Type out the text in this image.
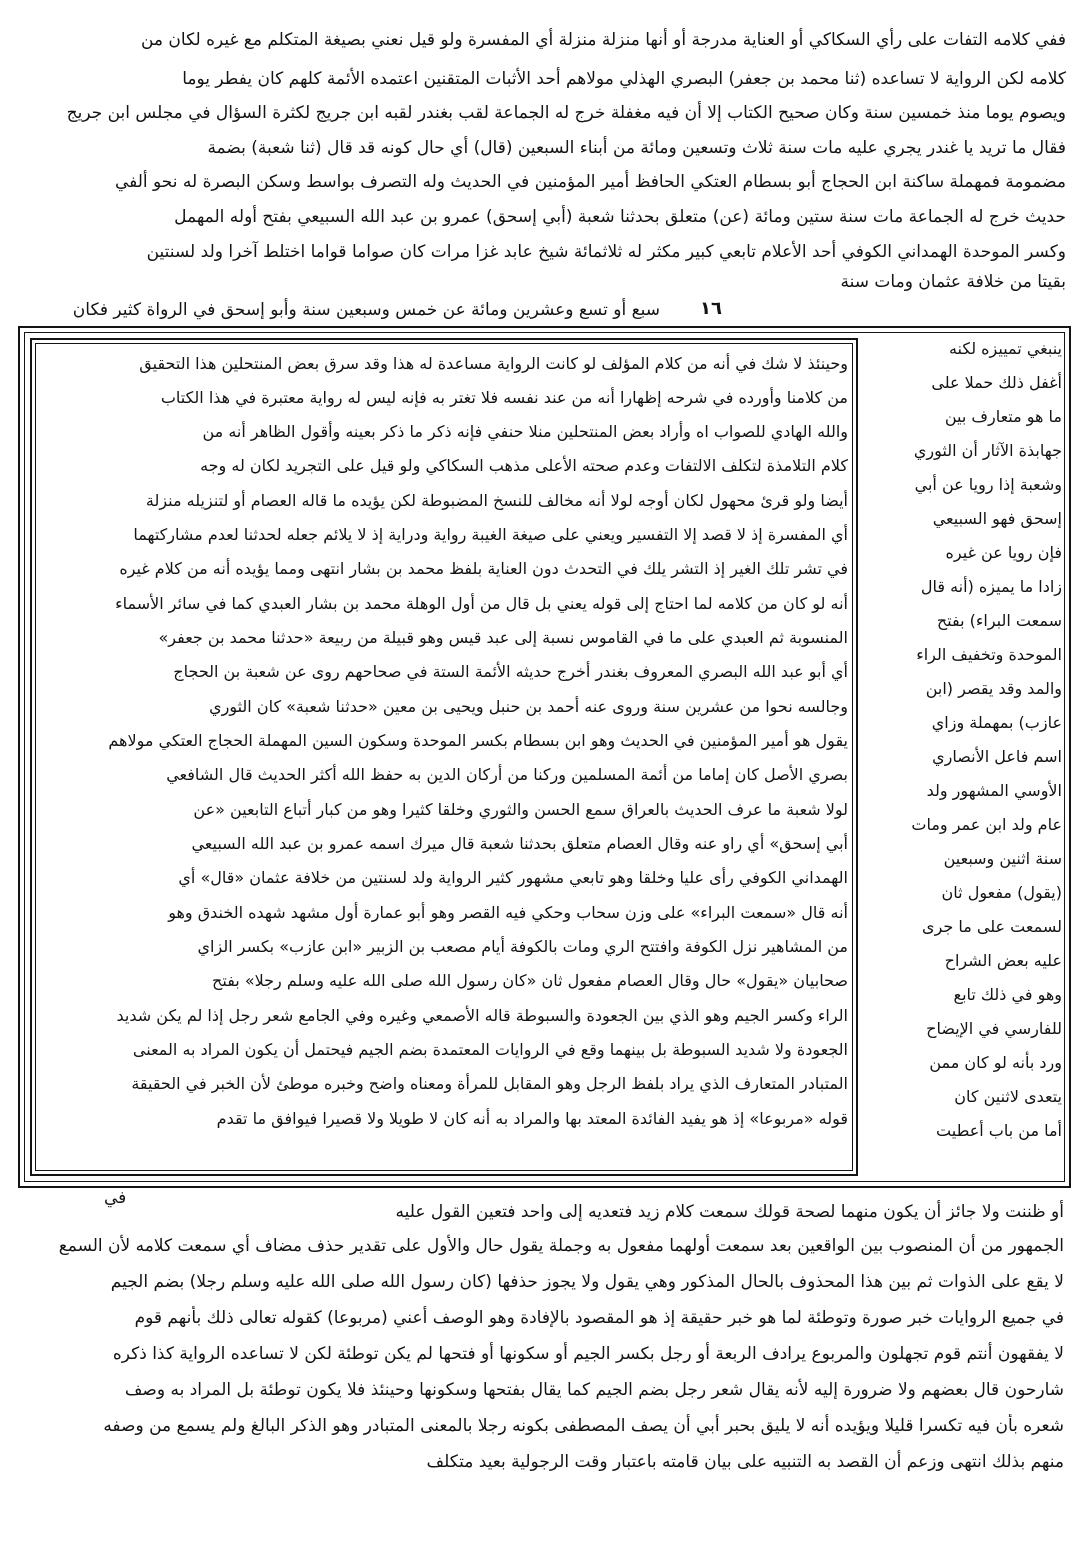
ففي كلامه التفات على رأي السكاكي أو العناية مدرجة أو أنها منزلة منزلة أي المفسرة ولو قيل نعني بصيغة المتكلم مع غيره لكان من
كلامه لكن الرواية لا تساعده (ثنا محمد بن جعفر) البصري الهذلي مولاهم أحد الأثبات المتقنين اعتمده الأئمة كلهم كان يفطر يوما
ويصوم يوما منذ خمسين سنة وكان صحيح الكتاب إلا أن فيه مغفلة خرج له الجماعة لقب بغندر لقبه ابن جريج لكثرة السؤال في مجلس ابن جريج
فقال ما تريد يا غندر يجري عليه مات سنة ثلاث وتسعين ومائة من أبناء السبعين (قال) أي حال كونه قد قال (ثنا شعبة) بضمة
مضمومة فمهملة ساكنة ابن الحجاج أبو بسطام العتكي الحافظ أمير المؤمنين في الحديث وله التصرف بواسط وسكن البصرة له نحو ألفي
حديث خرج له الجماعة مات سنة ستين ومائة (عن) متعلق بحدثنا شعبة (أبي إسحق) عمرو بن عبد الله السبيعي بفتح أوله المهمل
وكسر الموحدة الهمداني الكوفي أحد الأعلام تابعي كبير مكثر له ثلاثمائة شيخ عابد غزا مرات كان صواما قواما اختلط آخرا ولد لسنتين
بقيتا من خلافة عثمان ومات سنة
سبع أو تسع وعشرين ومائة عن خمس وسبعين سنة وأبو إسحق في الرواة كثير فكان ١٦
وحينئذ لا شك في أنه من كلام المؤلف لو كانت الرواية مساعدة له هذا وقد سرق بعض المنتحلين هذا التحقيق
من كلامنا وأورده في شرحه إظهارا أنه من عند نفسه فلا تغتر به فإنه ليس له رواية معتبرة في هذا الكتاب
والله الهادي للصواب اه وأراد بعض المنتحلين منلا حنفي فإنه ذكر ما ذكر بعينه وأقول الظاهر أنه من
كلام التلامذة لتكلف الالتفات وعدم صحته الأعلى مذهب السكاكي ولو قيل على التجريد لكان له وجه
أيضا ولو قرئ محهول لكان أوجه لولا أنه مخالف للنسخ المضبوطة لكن يؤيده ما قاله العصام أو لتنزيله منزلة
أي المفسرة إذ لا قصد إلا التفسير ويعني على صيغة الغيبة رواية ودراية إذ لا يلائم جعله لحدثنا لعدم مشاركتهما
في تشر تلك الغير إذ التشر يلك في التحدث دون العناية بلفظ محمد بن بشار انتهى ومما يؤيده أنه من كلام غيره
أنه لو كان من كلامه لما احتاج إلى قوله يعني بل قال من أول الوهلة محمد بن بشار العبدي كما في سائر الأسماء
المنسوبة ثم العبدي على ما في القاموس نسبة إلى عبد قيس وهو قبيلة من ربيعة «حدثنا محمد بن جعفر»
أي أبو عبد الله البصري المعروف بغندر أخرج حديثه الأئمة الستة في صحاحهم روى عن شعبة بن الحجاج
وجالسه نحوا من عشرين سنة وروى عنه أحمد بن حنبل ويحيى بن معين «حدثنا شعبة» كان الثوري
يقول هو أمير المؤمنين في الحديث وهو ابن بسطام بكسر الموحدة وسكون السين المهملة الحجاج العتكي مولاهم
بصري الأصل كان إماما من أئمة المسلمين وركنا من أركان الدين به حفظ الله أكثر الحديث قال الشافعي
لولا شعبة ما عرف الحديث بالعراق سمع الحسن والثوري وخلقا كثيرا وهو من كبار أتباع التابعين «عن
أبي إسحق» أي راو عنه وقال العصام متعلق بحدثنا شعبة قال ميرك اسمه عمرو بن عبد الله السبيعي
الهمداني الكوفي رأى عليا وخلقا وهو تابعي مشهور كثير الرواية ولد لسنتين من خلافة عثمان «قال» أي
أنه قال «سمعت البراء» على وزن سحاب وحكي فيه القصر وهو أبو عمارة أول مشهد شهده الخندق وهو
من المشاهير نزل الكوفة وافتتح الري ومات بالكوفة أيام مصعب بن الزبير «ابن عازب» بكسر الزاي
صحابيان «يقول» حال وقال العصام مفعول ثان «كان رسول الله صلى الله عليه وسلم رجلا» بفتح
الراء وكسر الجيم وهو الذي بين الجعودة والسبوطة قاله الأصمعي وغيره وفي الجامع شعر رجل إذا لم يكن شديد
الجعودة ولا شديد السبوطة بل بينهما وقع في الروايات المعتمدة بضم الجيم فيحتمل أن يكون المراد به المعنى
المتبادر المتعارف الذي يراد بلفظ الرجل وهو المقابل للمرأة ومعناه واضح وخبره موطئ لأن الخبر في الحقيقة
قوله «مربوعا» إذ هو يفيد الفائدة المعتد بها والمراد به أنه كان لا طويلا ولا قصيرا فيوافق ما تقدم
ينبغي تمييزه لكنه
أغفل ذلك حملا على
ما هو متعارف بين
جهابذة الآثار أن الثوري
وشعبة إذا رويا عن أبي
إسحق فهو السبيعي
فإن رويا عن غيره
زادا ما يميزه (أنه قال
سمعت البراء) بفتح
الموحدة وتخفيف الراء
والمد وقد يقصر (ابن
عازب) بمهملة وزاي
اسم فاعل الأنصاري
الأوسي المشهور ولد
عام ولد ابن عمر ومات
سنة اثنين وسبعين
(يقول) مفعول ثان
لسمعت على ما جرى
عليه بعض الشراح
وهو في ذلك تابع
للفارسي في الإيضاح
ورد بأنه لو كان ممن
يتعدى لاثنين كان
أما من باب أعطيت
في
أو ظننت ولا جائز أن يكون منهما لصحة قولك سمعت كلام زيد فتعديه إلى واحد فتعين القول عليه
الجمهور من أن المنصوب بين الواقعين بعد سمعت أولهما مفعول به وجملة يقول حال والأول على تقدير حذف مضاف أي سمعت كلامه لأن السمع
لا يقع على الذوات ثم بين هذا المحذوف بالحال المذكور وهي يقول ولا يجوز حذفها (كان رسول الله صلى الله عليه وسلم رجلا) بضم الجيم
في جميع الروايات خبر صورة وتوطئة لما هو خبر حقيقة إذ هو المقصود بالإفادة وهو الوصف أعني (مربوعا) كقوله تعالى ذلك بأنهم قوم
لا يفقهون أنتم قوم تجهلون والمربوع يرادف الربعة أو رجل بكسر الجيم أو سكونها أو فتحها لم يكن توطئة لكن لا تساعده الرواية كذا ذكره
شارحون قال بعضهم ولا ضرورة إليه لأنه يقال شعر رجل بضم الجيم كما يقال بفتحها وسكونها وحينئذ فلا يكون توطئة بل المراد به وصف
شعره بأن فيه تكسرا قليلا ويؤيده أنه لا يليق بحبر أبي أن يصف المصطفى بكونه رجلا بالمعنى المتبادر وهو الذكر البالغ ولم يسمع من وصفه
منهم بذلك انتهى وزعم أن القصد به التنبيه على بيان قامته باعتبار وقت الرجولية بعيد متكلف
